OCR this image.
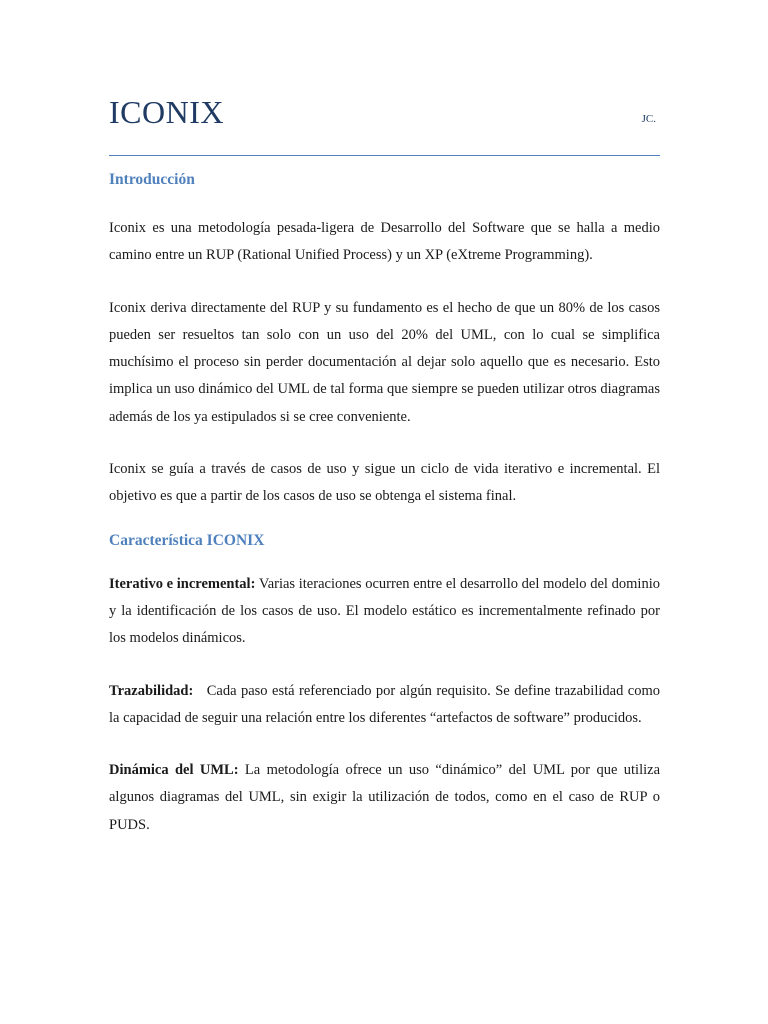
ICONIX	JC.
Introducción

Iconix es una metodología pesada-ligera de Desarrollo del Software que se halla a medio camino entre un RUP (Rational Unified Process) y un XP (eXtreme Programming).

Iconix deriva directamente del RUP y su fundamento es el hecho de que un 80% de los casos pueden ser resueltos tan solo con un uso del 20% del UML, con lo cual se simplifica muchísimo el proceso sin perder documentación al dejar solo aquello que es necesario. Esto implica un uso dinámico del UML de tal forma que siempre se pueden utilizar otros diagramas además de los ya estipulados si se cree conveniente.

Iconix se guía a través de casos de uso y sigue un ciclo de vida iterativo e incremental. El objetivo es que a partir de los casos de uso se obtenga el sistema final.

Característica ICONIX

Iterativo e incremental: Varias iteraciones ocurren entre el desarrollo del modelo del dominio y la identificación de los casos de uso. El modelo estático es incrementalmente refinado por los modelos dinámicos.

Trazabilidad: Cada paso está referenciado por algún requisito. Se define trazabilidad como la capacidad de seguir una relación entre los diferentes “artefactos de software” producidos.

Dinámica del UML: La metodología ofrece un uso “dinámico” del UML por que utiliza algunos diagramas del UML, sin exigir la utilización de todos, como en el caso de RUP o PUDS.
